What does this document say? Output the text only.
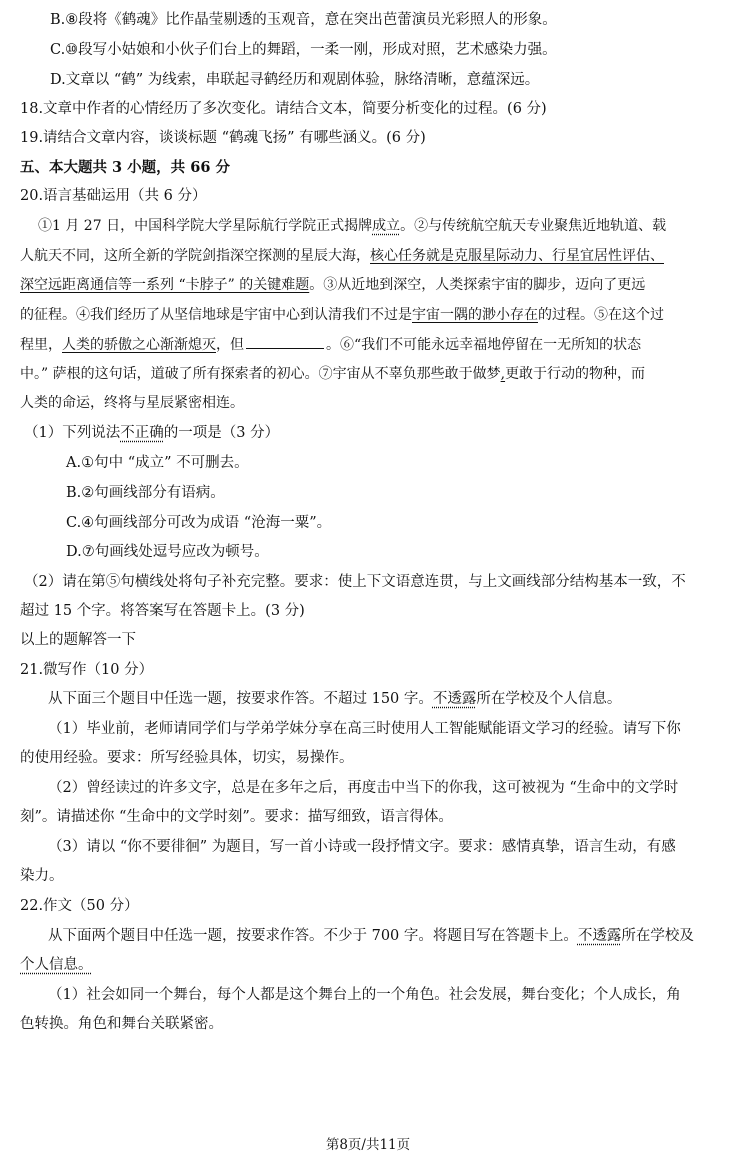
B.⑧段将《鹤魂》比作晶莹剔透的玉观音，意在突出芭蕾演员光彩照人的形象。
C.⑩段写小姑娘和小伙子们台上的舞蹈，一柔一刚，形成对照，艺术感染力强。
D.文章以 “鹤” 为线索，串联起寻鹤经历和观剧体验，脉络清晰，意蕴深远。
18.文章中作者的心情经历了多次变化。请结合文本，简要分析变化的过程。(6 分)
19.请结合文章内容，谈谈标题 “鹤魂飞扬” 有哪些涵义。(6 分)
五、本大题共 3 小题，共 66 分
20.语言基础运用（共 6 分）
①1 月 27 日，中国科学院大学星际航行学院正式揭牌成立。②与传统航空航天专业聚焦近地轨道、载
人航天不同，这所全新的学院剑指深空探测的星辰大海，核心任务就是克服星际动力、行星宜居性评估、
深空远距离通信等一系列 “卡脖子” 的关键难题。③从近地到深空，人类探索宇宙的脚步，迈向了更远
的征程。④我们经历了从坚信地球是宇宙中心到认清我们不过是宇宙一隅的渺小存在的过程。⑤在这个过
程里，人类的骄傲之心渐渐熄灭，但	。⑥“我们不可能永远幸福地停留在一无所知的状态
中。” 萨根的这句话，道破了所有探索者的初心。⑦宇宙从不辜负那些敢于做梦,更敢于行动的物种，而
人类的命运，终将与星辰紧密相连。
（1）下列说法不正确的一项是（3 分）
A.①句中 “成立” 不可删去。
B.②句画线部分有语病。
C.④句画线部分可改为成语 “沧海一粟”。
D.⑦句画线处逗号应改为顿号。
（2）请在第⑤句横线处将句子补充完整。要求：使上下文语意连贯，与上文画线部分结构基本一致，不
超过 15 个字。将答案写在答题卡上。(3 分)
以上的题解答一下
21.微写作（10 分）
从下面三个题目中任选一题，按要求作答。不超过 150 字。不透露所在学校及个人信息。
（1）毕业前，老师请同学们与学弟学妹分享在高三时使用人工智能赋能语文学习的经验。请写下你
的使用经验。要求：所写经验具体，切实，易操作。
（2）曾经读过的许多文字，总是在多年之后，再度击中当下的你我，这可被视为 “生命中的文学时
刻”。请描述你 “生命中的文学时刻”。要求：描写细致，语言得体。
（3）请以 “你不要徘徊” 为题目，写一首小诗或一段抒情文字。要求：感情真挚，语言生动，有感
染力。
22.作文（50 分）
从下面两个题目中任选一题，按要求作答。不少于 700 字。将题目写在答题卡上。不透露所在学校及
个人信息。
（1）社会如同一个舞台，每个人都是这个舞台上的一个角色。社会发展，舞台变化；个人成长，角
色转换。角色和舞台关联紧密。
第8页/共11页
